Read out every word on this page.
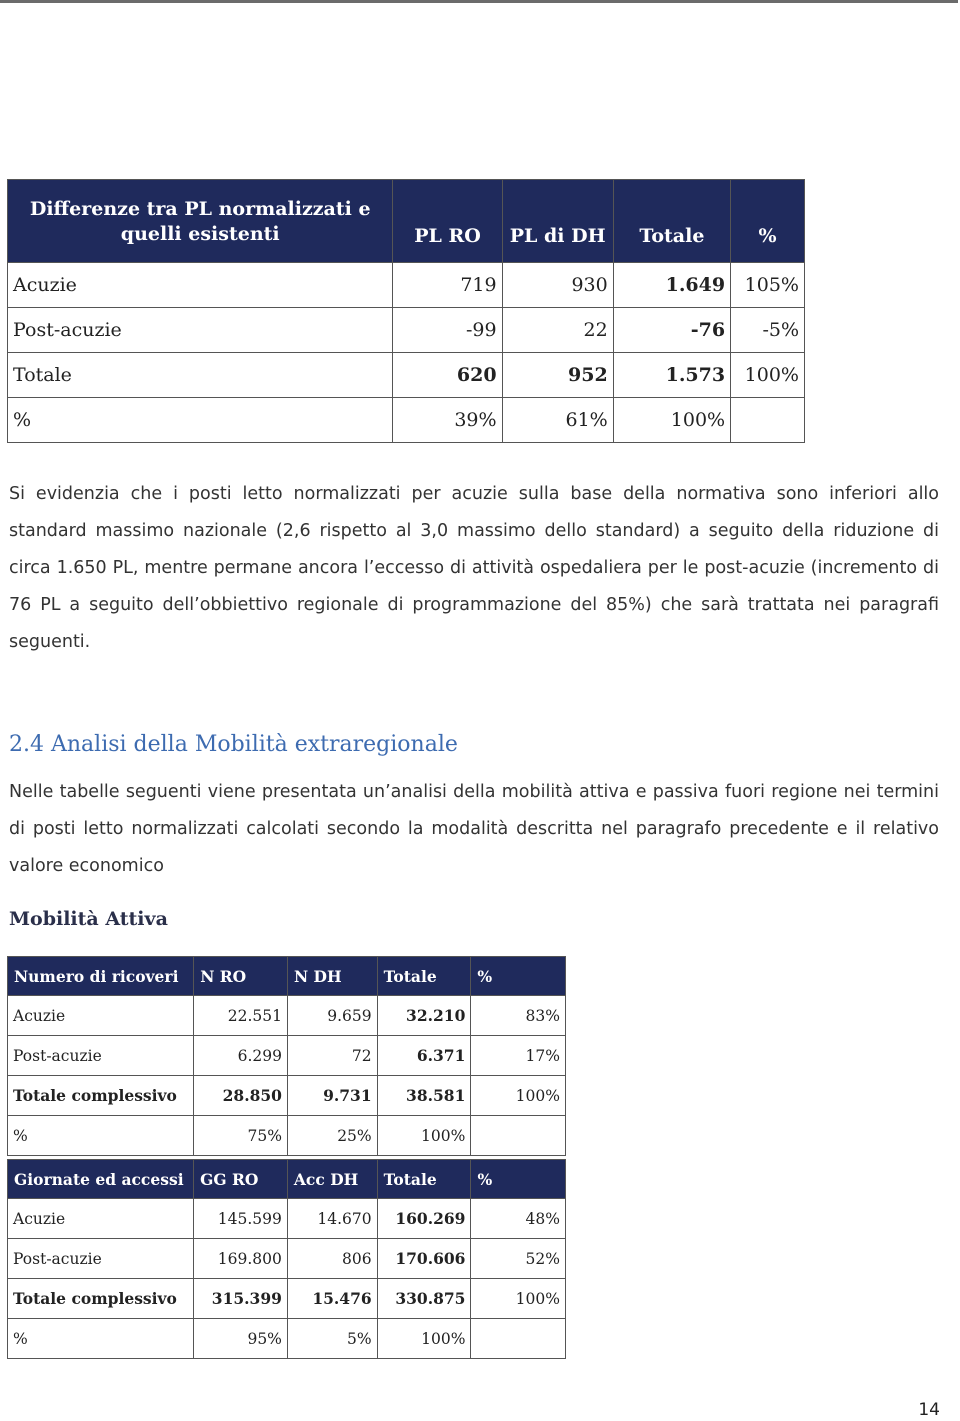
Differenze tra PL normalizzati e quelli esistenti	PL RO	PL di DH	Totale	%
Acuzie	719	930	1.649	105%
Post-acuzie	-99	22	-76	-5%
Totale	620	952	1.573	100%
%	39%	61%	100%	

Si evidenzia che i posti letto normalizzati per acuzie sulla base della normativa sono inferiori allo standard massimo nazionale (2,6 rispetto al 3,0 massimo dello standard) a seguito della riduzione di circa 1.650 PL, mentre permane ancora l’eccesso di attività ospedaliera per le post-acuzie (incremento di 76 PL a seguito dell’obbiettivo regionale di programmazione del 85%) che sarà trattata nei paragrafi seguenti.

2.4 Analisi della Mobilità extraregionale

Nelle tabelle seguenti viene presentata un’analisi della mobilità attiva e passiva fuori regione nei termini di posti letto normalizzati calcolati secondo la modalità descritta nel paragrafo precedente e il relativo valore economico

Mobilità Attiva
Numero di ricoveri	N RO	N DH	Totale	%
Acuzie	22.551	9.659	32.210	83%
Post-acuzie	6.299	72	6.371	17%
Totale complessivo	28.850	9.731	38.581	100%
%	75%	25%	100%	
Giornate ed accessi	GG RO	Acc DH	Totale	%
Acuzie	145.599	14.670	160.269	48%
Post-acuzie	169.800	806	170.606	52%
Totale complessivo	315.399	15.476	330.875	100%
%	95%	5%	100%	
14
